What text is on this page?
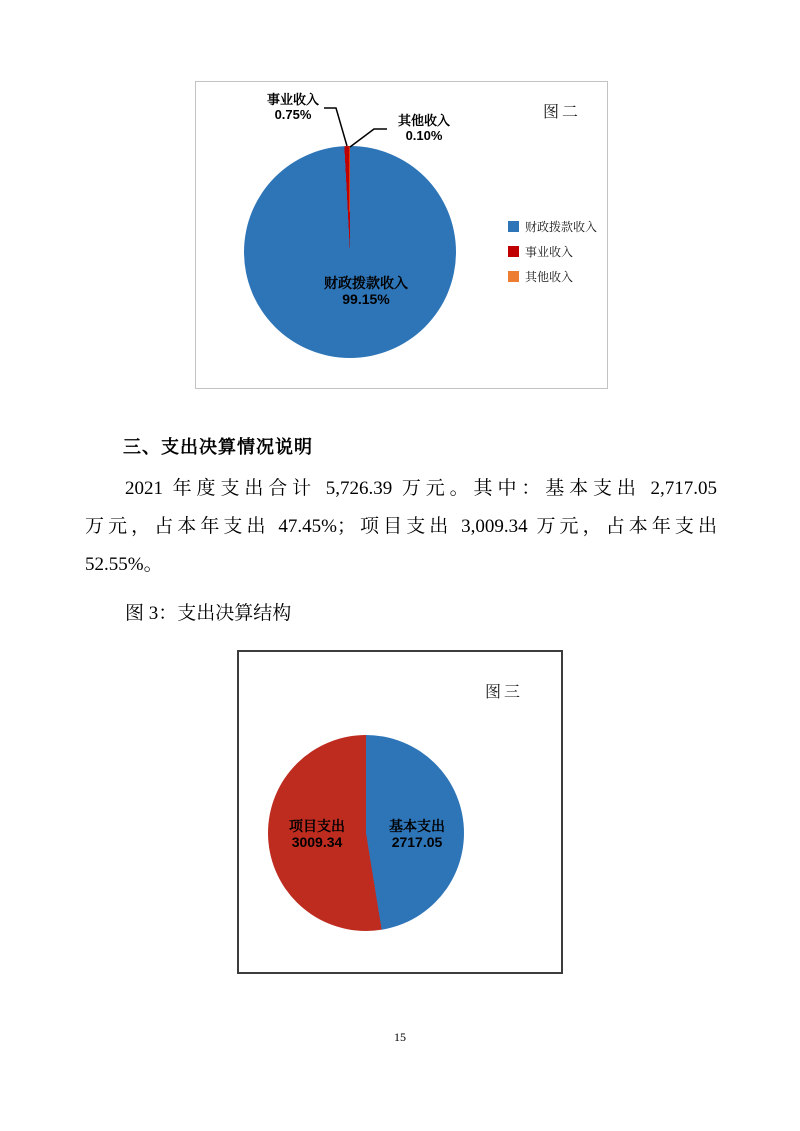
图二
事业收入
0.75%	其他收入
0.10%
财政拨款收入
99.15%
财政拨款收入
事业收入
其他收入
三、支出决算情况说明
2021 年度支出合计 5,726.39 万元。其中：基本支出 2,717.05
万元，占本年支出 47.45%；项目支出 3,009.34 万元，占本年支出
52.55%。
图 3：支出决算结构
图三
项目支出
3009.34
基本支出
2717.05
15
